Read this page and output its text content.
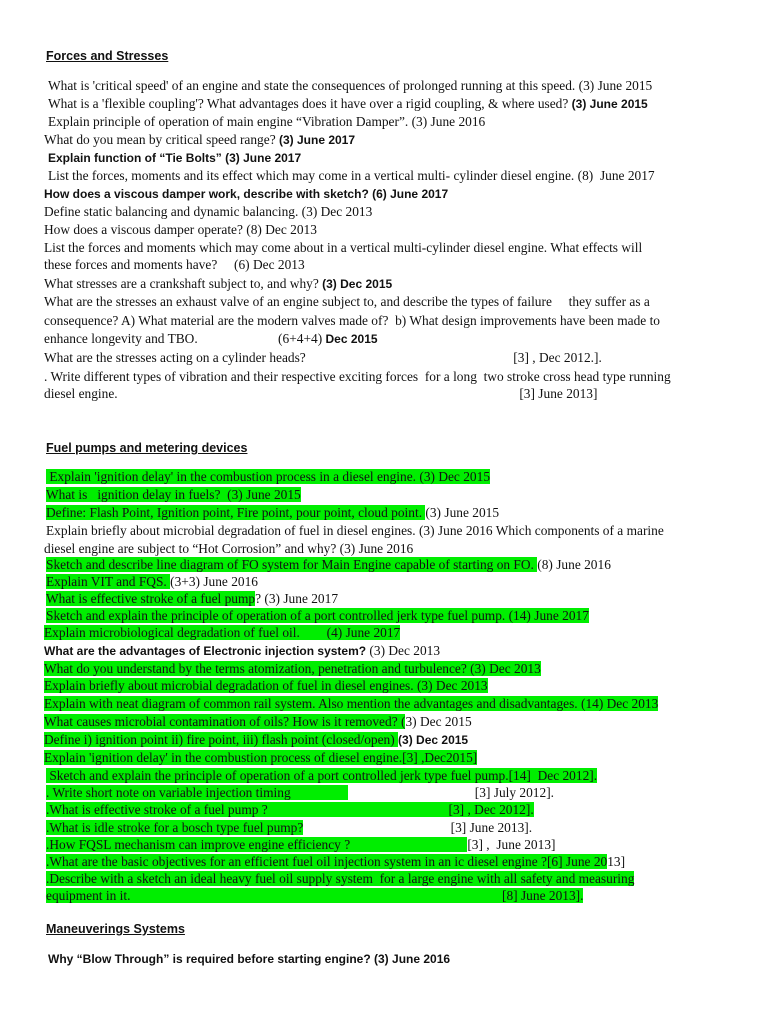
Forces and Stresses
What is 'critical speed' of an engine and state the consequences of prolonged running at this speed. (3) June 2015
What is a 'flexible coupling'? What advantages does it have over a rigid coupling, & where used? (3) June 2015
Explain principle of operation of main engine “Vibration Damper”. (3) June 2016
What do you mean by critical speed range? (3) June 2017
Explain function of “Tie Bolts” (3) June 2017
List the forces, moments and its effect which may come in a vertical multi- cylinder diesel engine. (8)  June 2017
How does a viscous damper work, describe with sketch? (6) June 2017
Define static balancing and dynamic balancing. (3) Dec 2013
How does a viscous damper operate? (8) Dec 2013
List the forces and moments which may come about in a vertical multi-cylinder diesel engine. What effects will
these forces and moments have?     (6) Dec 2013
What stresses are a crankshaft subject to, and why? (3) Dec 2015
What are the stresses an exhaust valve of an engine subject to, and describe the types of failure     they suffer as a
consequence? A) What material are the modern valves made of?  b) What design improvements have been made to
enhance longevity and TBO.                        (6+4+4) Dec 2015
What are the stresses acting on a cylinder heads?                                                              [3] , Dec 2012.].
. Write different types of vibration and their respective exciting forces  for a long  two stroke cross head type running
diesel engine.                                                                                                                        [3] June 2013]
Fuel pumps and metering devices
Explain 'ignition delay' in the combustion process in a diesel engine. (3) Dec 2015
What is   ignition delay in fuels?  (3) June 2015
Define: Flash Point, Ignition point, Fire point, pour point, cloud point. (3) June 2015
Explain briefly about microbial degradation of fuel in diesel engines. (3) June 2016 Which components of a marine
diesel engine are subject to “Hot Corrosion” and why? (3) June 2016
Sketch and describe line diagram of FO system for Main Engine capable of starting on FO. (8) June 2016
Explain VIT and FQS. (3+3) June 2016
What is effective stroke of a fuel pump? (3) June 2017
Sketch and explain the principle of operation of a port controlled jerk type fuel pump. (14) June 2017
Explain microbiological degradation of fuel oil.        (4) June 2017
What are the advantages of Electronic injection system? (3) Dec 2013
What do you understand by the terms atomization, penetration and turbulence? (3) Dec 2013
Explain briefly about microbial degradation of fuel in diesel engines. (3) Dec 2013
Explain with neat diagram of common rail system. Also mention the advantages and disadvantages. (14) Dec 2013
What causes microbial contamination of oils? How is it removed? (3) Dec 2015
Define i) ignition point ii) fire point, iii) flash point (closed/open) (3) Dec 2015
Explain 'ignition delay' in the combustion process of diesel engine.[3] ,Dec2015]
Sketch and explain the principle of operation of a port controlled jerk type fuel pump.[14]  Dec 2012].
. Write short note on variable injection timing                                                       [3] July 2012].
.What is effective stroke of a fuel pump ?                                                      [3] , Dec 2012].
.What is idle stroke for a bosch type fuel pump?                                            [3] June 2013].
.How FQSL mechanism can improve engine efficiency ?                                   [3] ,  June 2013]
.What are the basic objectives for an efficient fuel oil injection system in an ic diesel engine ?[6] June 2013]
.Describe with a sketch an ideal heavy fuel oil supply system  for a large engine with all safety and measuring
equipment in it.                                                                                                               [8] June 2013].
Maneuverings Systems
Why “Blow Through” is required before starting engine? (3) June 2016
